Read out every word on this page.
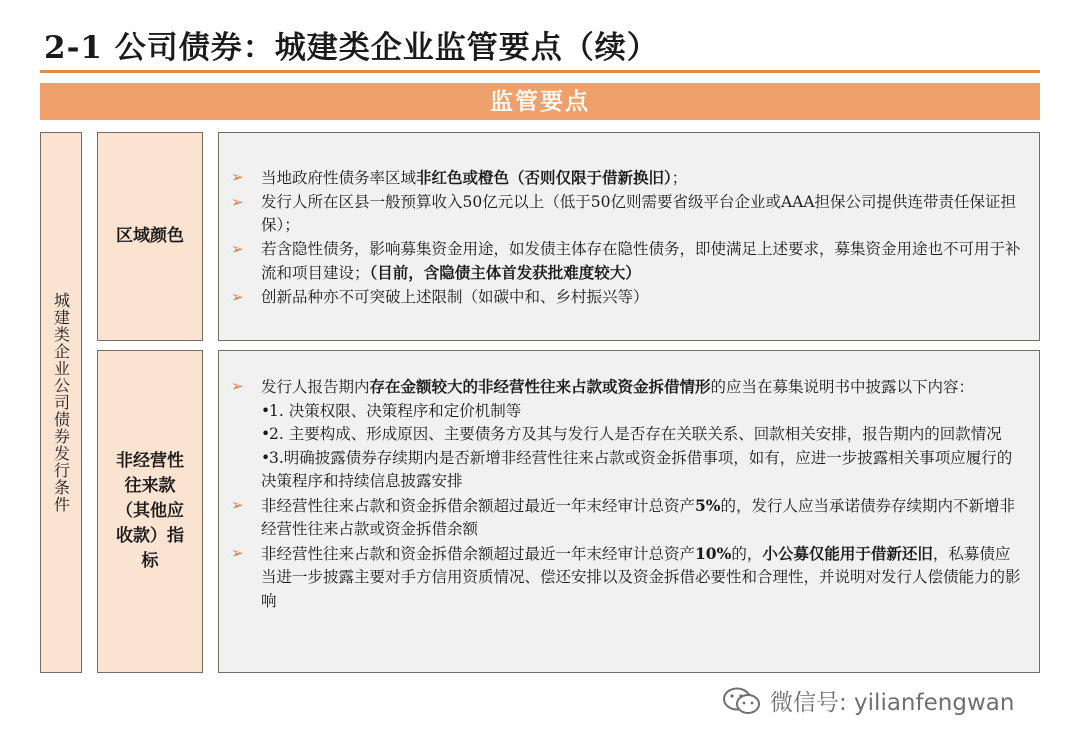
2-1 公司债券：城建类企业监管要点（续）
监管要点
城建类企业公司债券发行条件
区域颜色
非经营性往来款（其他应收款）指标
➢ 当地政府性债务率区域非红色或橙色（否则仅限于借新换旧）；
➢ 发行人所在区县一般预算收入50亿元以上（低于50亿则需要省级平台企业或AAA担保公司提供连带责任保证担保）；
➢ 若含隐性债务，影响募集资金用途，如发债主体存在隐性债务，即使满足上述要求，募集资金用途也不可用于补流和项目建设；（目前，含隐债主体首发获批难度较大）
➢ 创新品种亦不可突破上述限制（如碳中和、乡村振兴等）
➢ 发行人报告期内存在金额较大的非经营性往来占款或资金拆借情形的应当在募集说明书中披露以下内容：
•1. 决策权限、决策程序和定价机制等
•2. 主要构成、形成原因、主要债务方及其与发行人是否存在关联关系、回款相关安排，报告期内的回款情况
•3.明确披露债券存续期内是否新增非经营性往来占款或资金拆借事项，如有，应进一步披露相关事项应履行的决策程序和持续信息披露安排
➢ 非经营性往来占款和资金拆借余额超过最近一年末经审计总资产5%的，发行人应当承诺债券存续期内不新增非经营性往来占款或资金拆借余额
➢ 非经营性往来占款和资金拆借余额超过最近一年末经审计总资产10%的，小公募仅能用于借新还旧，私募债应当进一步披露主要对手方信用资质情况、偿还安排以及资金拆借必要性和合理性，并说明对发行人偿债能力的影响
微信号: yilianfengwan
